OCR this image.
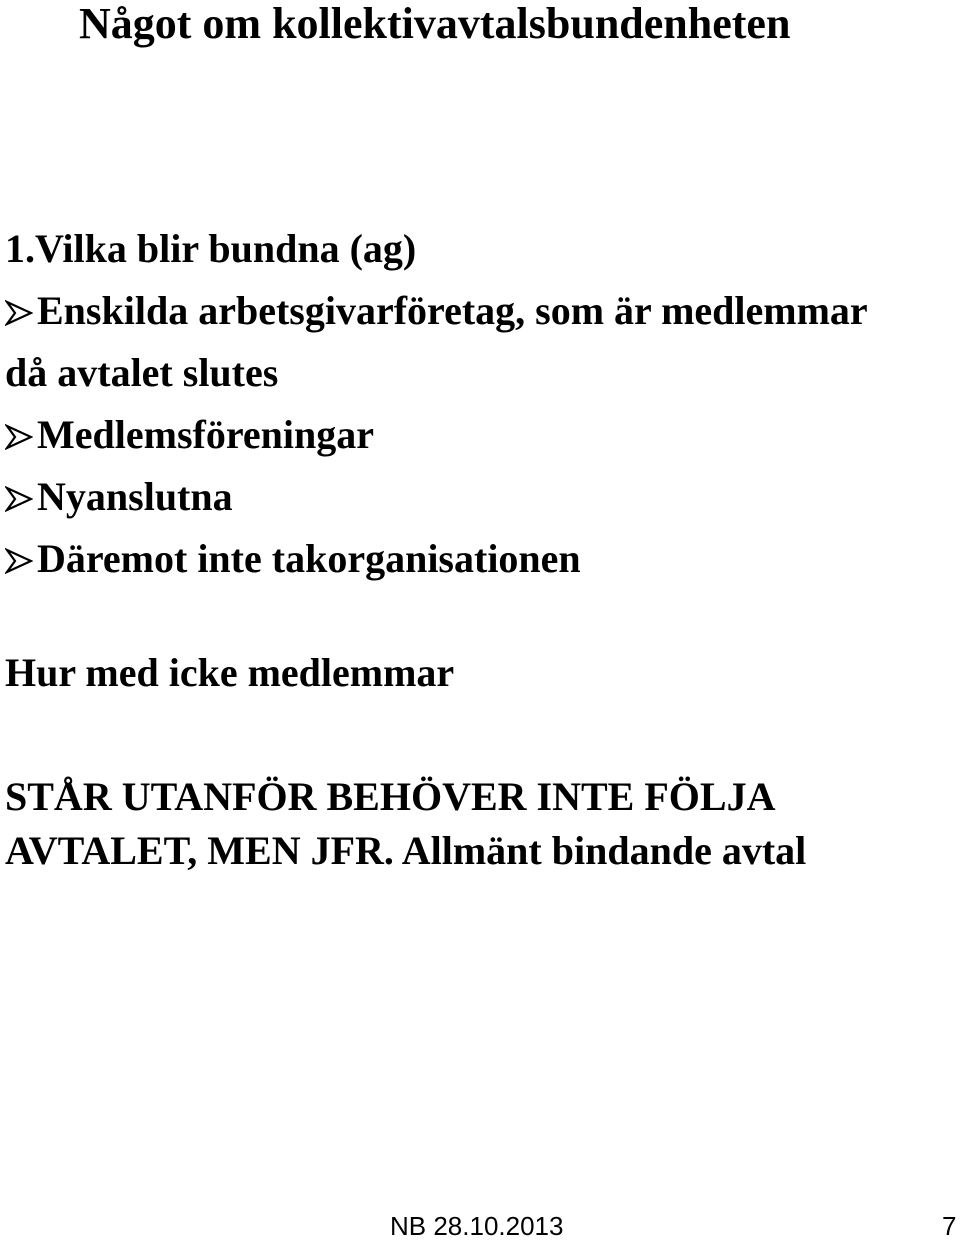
Något om kollektivavtalsbundenheten
1.Vilka blir bundna (ag)
Enskilda arbetsgivarföretag, som är medlemmar
då avtalet slutes
Medlemsföreningar
Nyanslutna
Däremot inte takorganisationen
Hur med icke medlemmar
STÅR UTANFÖR BEHÖVER INTE FÖLJA
AVTALET, MEN JFR. Allmänt bindande avtal
NB 28.10.2013	7
